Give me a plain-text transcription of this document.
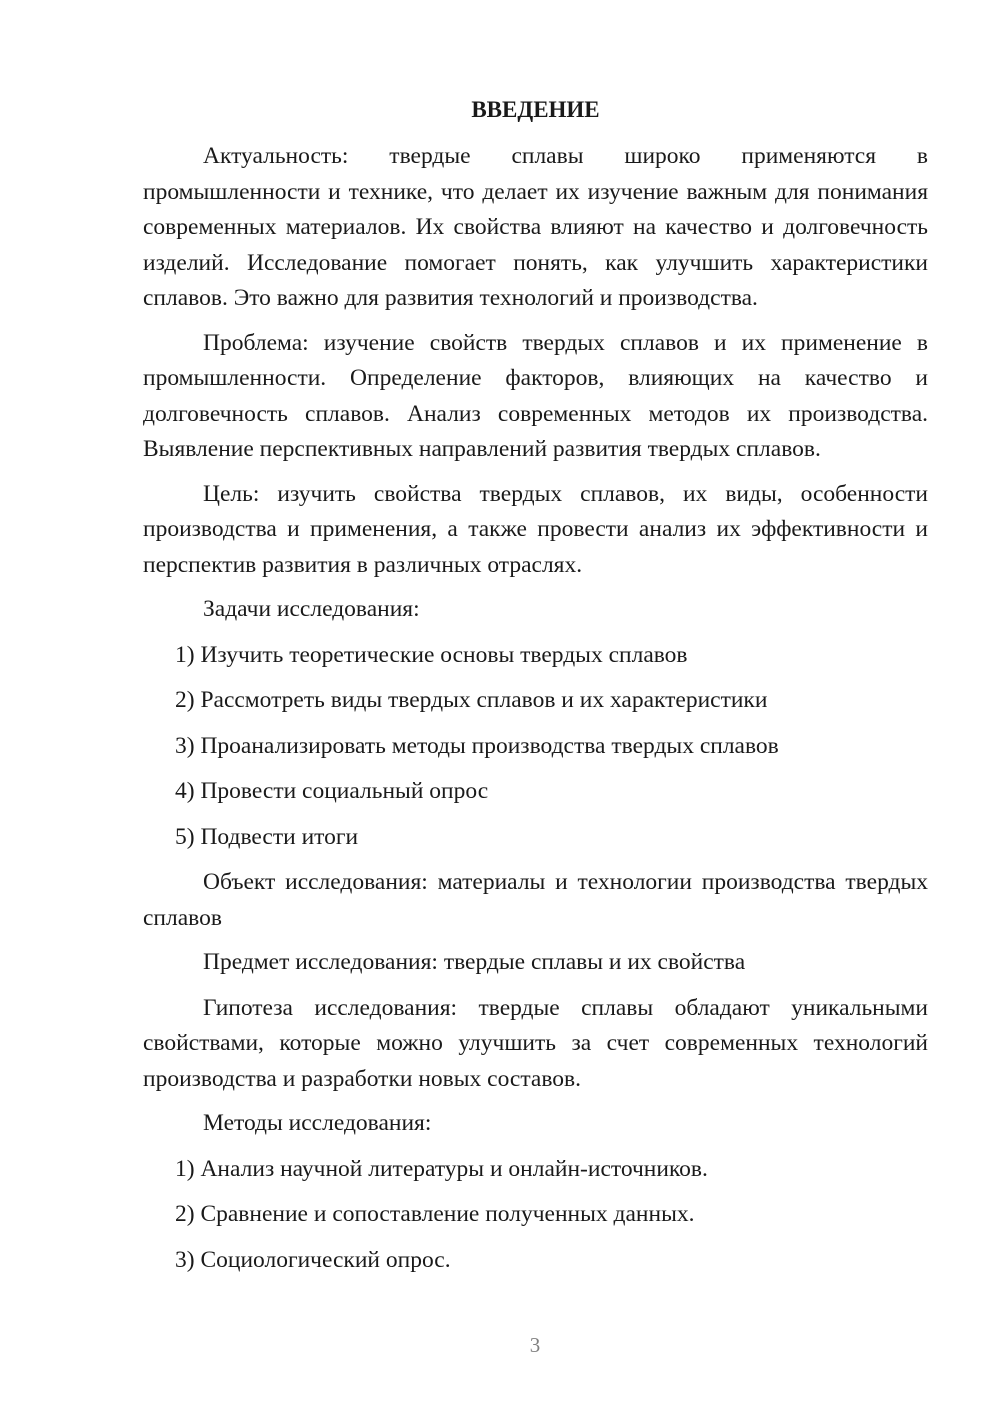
ВВЕДЕНИЕ

Актуальность: твердые сплавы широко применяются в промышленности и технике, что делает их изучение важным для понимания современных материалов. Их свойства влияют на качество и долговечность изделий. Исследование помогает понять, как улучшить характеристики сплавов. Это важно для развития технологий и производства.

Проблема: изучение свойств твердых сплавов и их применение в промышленности. Определение факторов, влияющих на качество и долговечность сплавов. Анализ современных методов их производства. Выявление перспективных направлений развития твердых сплавов.

Цель: изучить свойства твердых сплавов, их виды, особенности производства и применения, а также провести анализ их эффективности и перспектив развития в различных отраслях.

Задачи исследования:

1) Изучить теоретические основы твердых сплавов

2) Рассмотреть виды твердых сплавов и их характеристики

3) Проанализировать методы производства твердых сплавов

4) Провести социальный опрос

5) Подвести итоги

Объект исследования: материалы и технологии производства твердых сплавов

Предмет исследования: твердые сплавы и их свойства

Гипотеза исследования: твердые сплавы обладают уникальными свойствами, которые можно улучшить за счет современных технологий производства и разработки новых составов.

Методы исследования:

1) Анализ научной литературы и онлайн-источников.

2) Сравнение и сопоставление полученных данных.

3) Социологический опрос.

3
